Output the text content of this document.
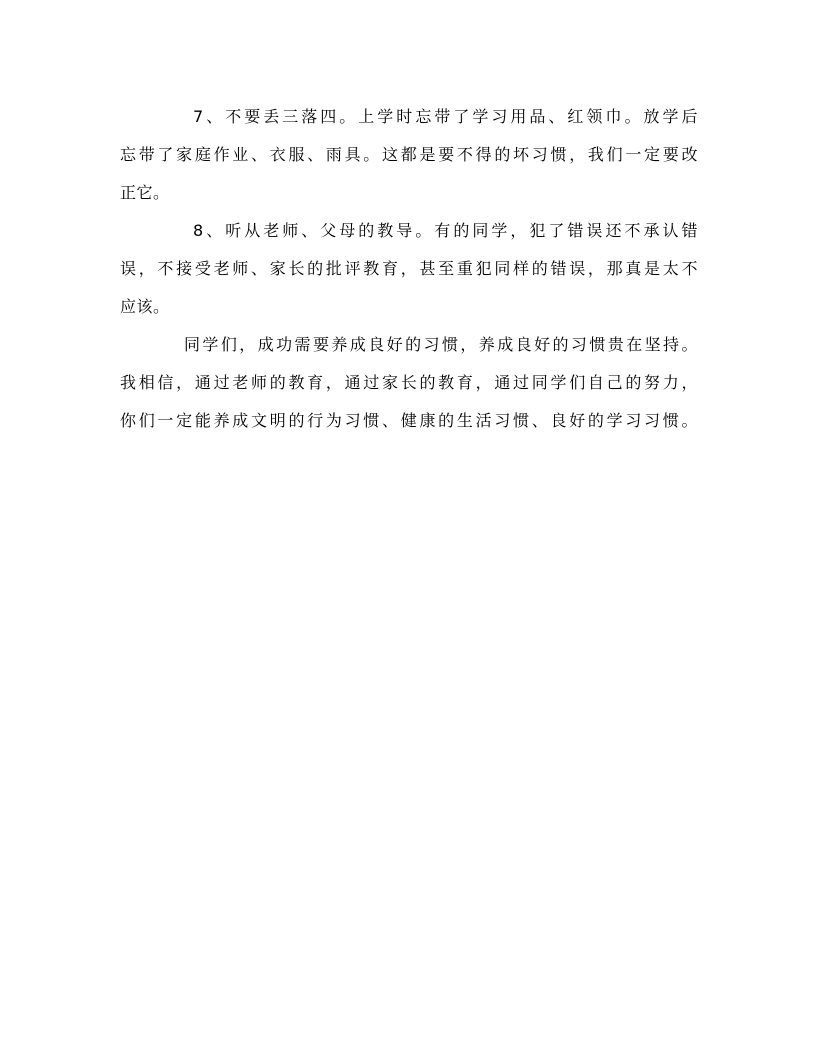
7、不要丢三落四。上学时忘带了学习用品、红领巾。放学后
忘带了家庭作业、衣服、雨具。这都是要不得的坏习惯，我们一定要改
正它。

8、听从老师、父母的教导。有的同学，犯了错误还不承认错
误，不接受老师、家长的批评教育，甚至重犯同样的错误，那真是太不
应该。

同学们，成功需要养成良好的习惯，养成良好的习惯贵在坚持。
我相信，通过老师的教育，通过家长的教育，通过同学们自己的努力，
你们一定能养成文明的行为习惯、健康的生活习惯、良好的学习习惯。
